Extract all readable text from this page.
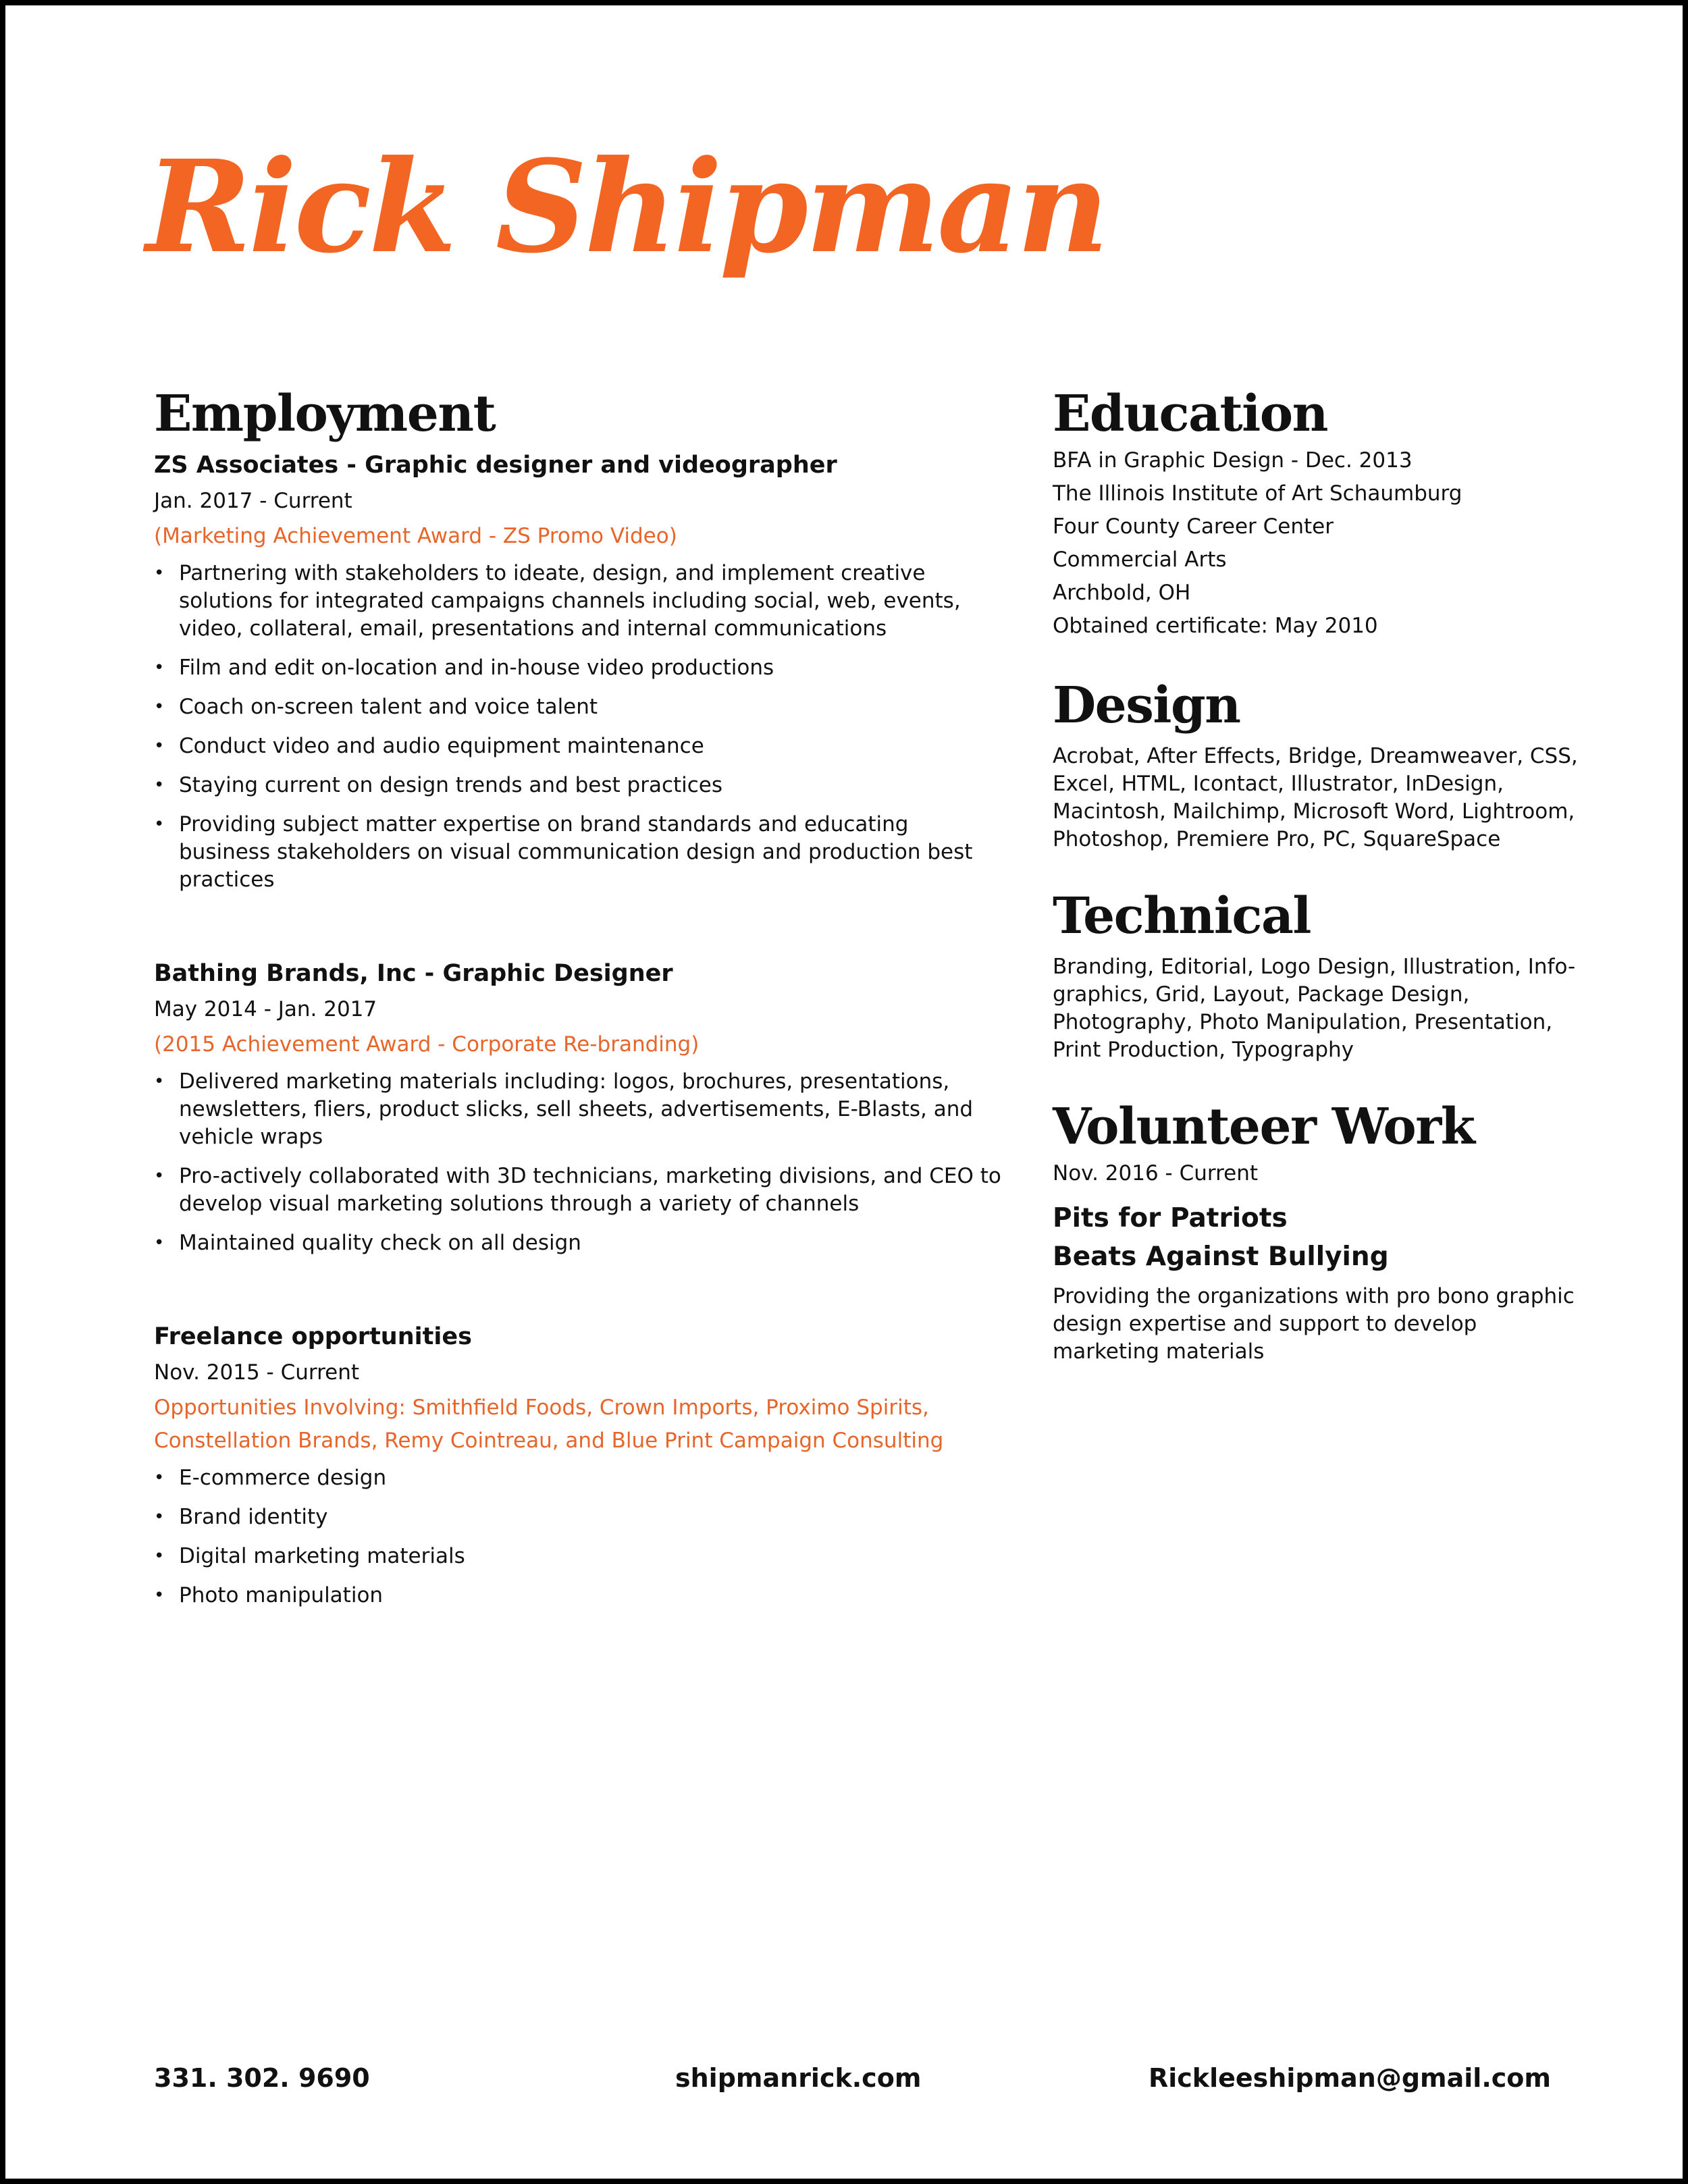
Rick Shipman
Employment

ZS Associates - Graphic designer and videographer

Jan. 2017 - Current

(Marketing Achievement Award - ZS Promo Video)

• Partnering with stakeholders to ideate, design, and implement creative solutions for integrated campaigns channels including social, web, events, video, collateral, email, presentations and internal communications
• Film and edit on-location and in-house video productions
• Coach on-screen talent and voice talent
• Conduct video and audio equipment maintenance
• Staying current on design trends and best practices
• Providing subject matter expertise on brand standards and educating business stakeholders on visual communication design and production best practices

Bathing Brands, Inc - Graphic Designer

May 2014 - Jan. 2017

(2015 Achievement Award - Corporate Re-branding)

• Delivered marketing materials including: logos, brochures, presentations, newsletters, fliers, product slicks, sell sheets, advertisements, E-Blasts, and vehicle wraps
• Pro-actively collaborated with 3D technicians, marketing divisions, and CEO to develop visual marketing solutions through a variety of channels
• Maintained quality check on all design

Freelance opportunities

Nov. 2015 - Current

Opportunities Involving: Smithfield Foods, Crown Imports, Proximo Spirits, Constellation Brands, Remy Cointreau, and Blue Print Campaign Consulting

• E-commerce design
• Brand identity
• Digital marketing materials
• Photo manipulation
Education

BFA in Graphic Design - Dec. 2013

The Illinois Institute of Art Schaumburg

Four County Career Center

Commercial Arts

Archbold, OH

Obtained certificate: May 2010

Design

Acrobat, After Effects, Bridge, Dreamweaver, CSS, Excel, HTML, Icontact, Illustrator, InDesign, Macintosh, Mailchimp, Microsoft Word, Lightroom, Photoshop, Premiere Pro, PC, SquareSpace

Technical

Branding, Editorial, Logo Design, Illustration, Info-graphics, Grid, Layout, Package Design, Photography, Photo Manipulation, Presentation, Print Production, Typography

Volunteer Work

Nov. 2016 - Current

Pits for Patriots

Beats Against Bullying

Providing the organizations with pro bono graphic design expertise and support to develop marketing materials

331. 302. 9690	shipmanrick.com	Rickleeshipman@gmail.com
